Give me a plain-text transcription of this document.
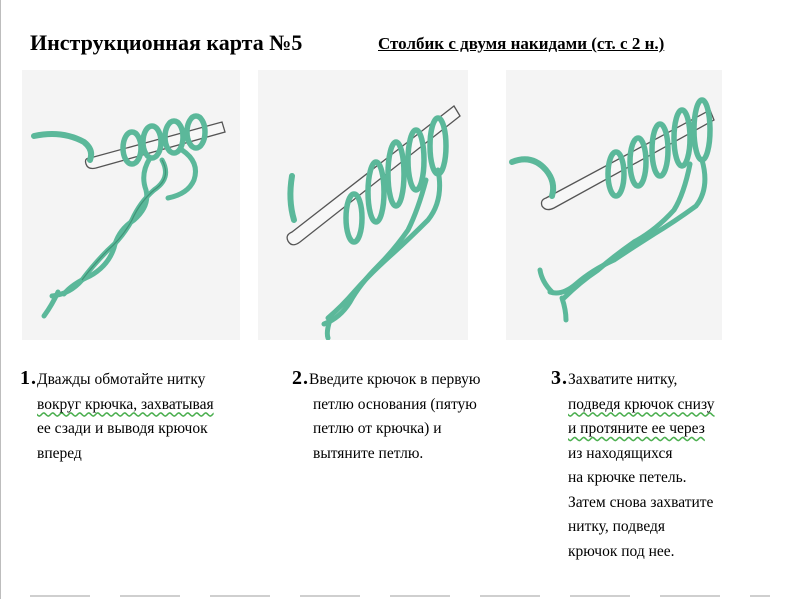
Инструкционная карта №5	Столбик с двумя накидами (ст. с 2 н.)
1 . Дважды обмотайте нитку
вокруг крючка, захватывая
ее сзади и выводя крючок
вперед

2 . Введите крючок в первую
петлю основания (пятую
петлю от крючка) и
вытяните петлю.

3 . Захватите нитку,
подведя крючок снизу
и протяните ее через
из находящихся
на крючке петель.
Затем снова захватите
нитку, подведя
крючок под нее.
